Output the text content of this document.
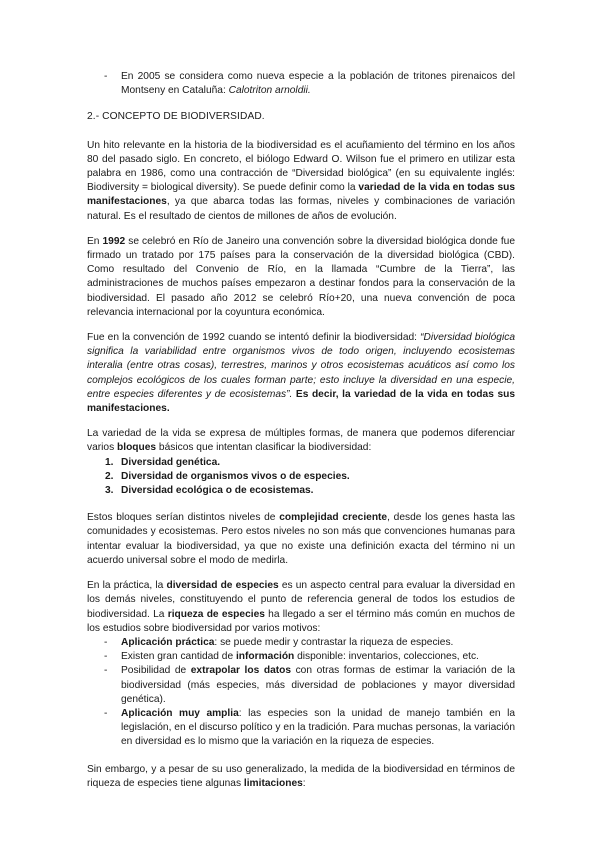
- En 2005 se considera como nueva especie a la población de tritones pirenaicos del Montseny en Cataluña: Calotriton arnoldii.

2.- CONCEPTO DE BIODIVERSIDAD.

Un hito relevante en la historia de la biodiversidad es el acuñamiento del término en los años 80 del pasado siglo. En concreto, el biólogo Edward O. Wilson fue el primero en utilizar esta palabra en 1986, como una contracción de “Diversidad biológica” (en su equivalente inglés: Biodiversity = biological diversity). Se puede definir como la variedad de la vida en todas sus manifestaciones, ya que abarca todas las formas, niveles y combinaciones de variación natural. Es el resultado de cientos de millones de años de evolución.

En 1992 se celebró en Río de Janeiro una convención sobre la diversidad biológica donde fue firmado un tratado por 175 países para la conservación de la diversidad biológica (CBD). Como resultado del Convenio de Río, en la llamada “Cumbre de la Tierra”, las administraciones de muchos países empezaron a destinar fondos para la conservación de la biodiversidad. El pasado año 2012 se celebró Río+20, una nueva convención de poca relevancia internacional por la coyuntura económica.

Fue en la convención de 1992 cuando se intentó definir la biodiversidad: “Diversidad biológica significa la variabilidad entre organismos vivos de todo origen, incluyendo ecosistemas interalia (entre otras cosas), terrestres, marinos y otros ecosistemas acuáticos así como los complejos ecológicos de los cuales forman parte; esto incluye la diversidad en una especie, entre especies diferentes y de ecosistemas”. Es decir, la variedad de la vida en todas sus manifestaciones.

La variedad de la vida se expresa de múltiples formas, de manera que podemos diferenciar varios bloques básicos que intentan clasificar la biodiversidad:

1. Diversidad genética.
2. Diversidad de organismos vivos o de especies.
3. Diversidad ecológica o de ecosistemas.

Estos bloques serían distintos niveles de complejidad creciente, desde los genes hasta las comunidades y ecosistemas. Pero estos niveles no son más que convenciones humanas para intentar evaluar la biodiversidad, ya que no existe una definición exacta del término ni un acuerdo universal sobre el modo de medirla.

En la práctica, la diversidad de especies es un aspecto central para evaluar la diversidad en los demás niveles, constituyendo el punto de referencia general de todos los estudios de biodiversidad. La riqueza de especies ha llegado a ser el término más común en muchos de los estudios sobre biodiversidad por varios motivos:

- Aplicación práctica: se puede medir y contrastar la riqueza de especies.
- Existen gran cantidad de información disponible: inventarios, colecciones, etc.
- Posibilidad de extrapolar los datos con otras formas de estimar la variación de la biodiversidad (más especies, más diversidad de poblaciones y mayor diversidad genética).
- Aplicación muy amplia: las especies son la unidad de manejo también en la legislación, en el discurso político y en la tradición. Para muchas personas, la variación en diversidad es lo mismo que la variación en la riqueza de especies.

Sin embargo, y a pesar de su uso generalizado, la medida de la biodiversidad en términos de riqueza de especies tiene algunas limitaciones:
